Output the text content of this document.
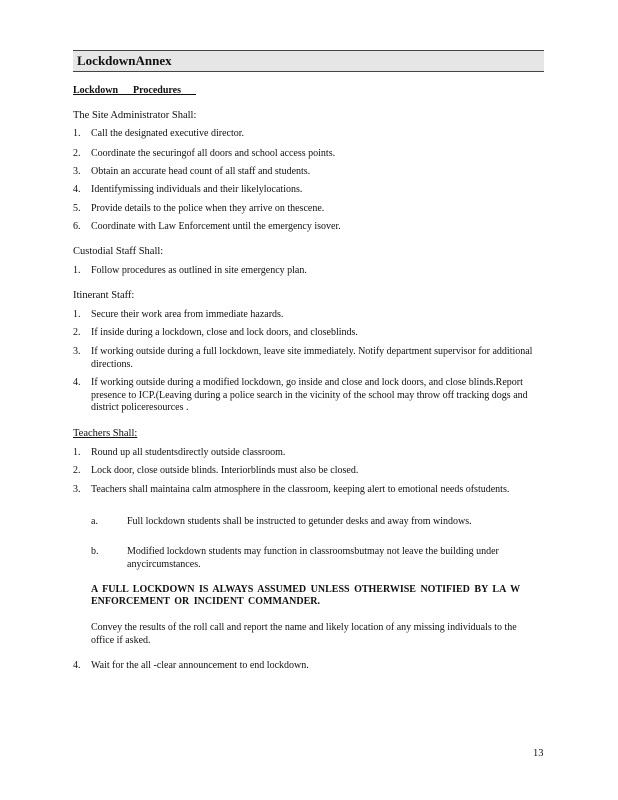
LockdownAnnex
Lockdown      Procedures
The Site Administrator Shall:
1. Call the designated executive director.
2. Coordinate the securingof all doors and school access points.
3. Obtain an accurate head count of all staff and students.
4. Identifymissing individuals and their likelylocations.
5. Provide details to the police when they arrive on thescene.
6. Coordinate with Law Enforcement until the emergency isover.
Custodial Staff Shall:
1. Follow procedures as outlined in site emergency plan.
Itinerant Staff:
1. Secure their work area from immediate hazards.
2. If inside during a lockdown, close and lock doors, and closeblinds.
3. If working outside during a full lockdown, leave site immediately. Notify department supervisor for additional directions.
4. If working outside during a modified lockdown, go inside and close and lock doors, and close blinds.Report presence to ICP.(Leaving during a police search in the vicinity of the school may throw off tracking dogs and district policeresources .
Teachers Shall:
1. Round up all studentsdirectly outside classroom.
2. Lock door, close outside blinds. Interiorblinds must also be closed.
3. Teachers shall maintaina calm atmosphere in the classroom, keeping alert to emotional needs ofstudents.
a.	Full lockdown students shall be instructed to getunder desks and away from windows.
b.	Modified lockdown students may function in classroomsbutmay not leave the building under anycircumstances.
A FULL LOCKDOWN IS ALWAYS ASSUMED UNLESS OTHERWISE NOTIFIED BY LA W ENFORCEMENT OR INCIDENT COMMANDER.
Convey the results of the roll call and report the name and likely location of any missing individuals to the office if asked.
4. Wait for the all -clear announcement to end lockdown.
13
